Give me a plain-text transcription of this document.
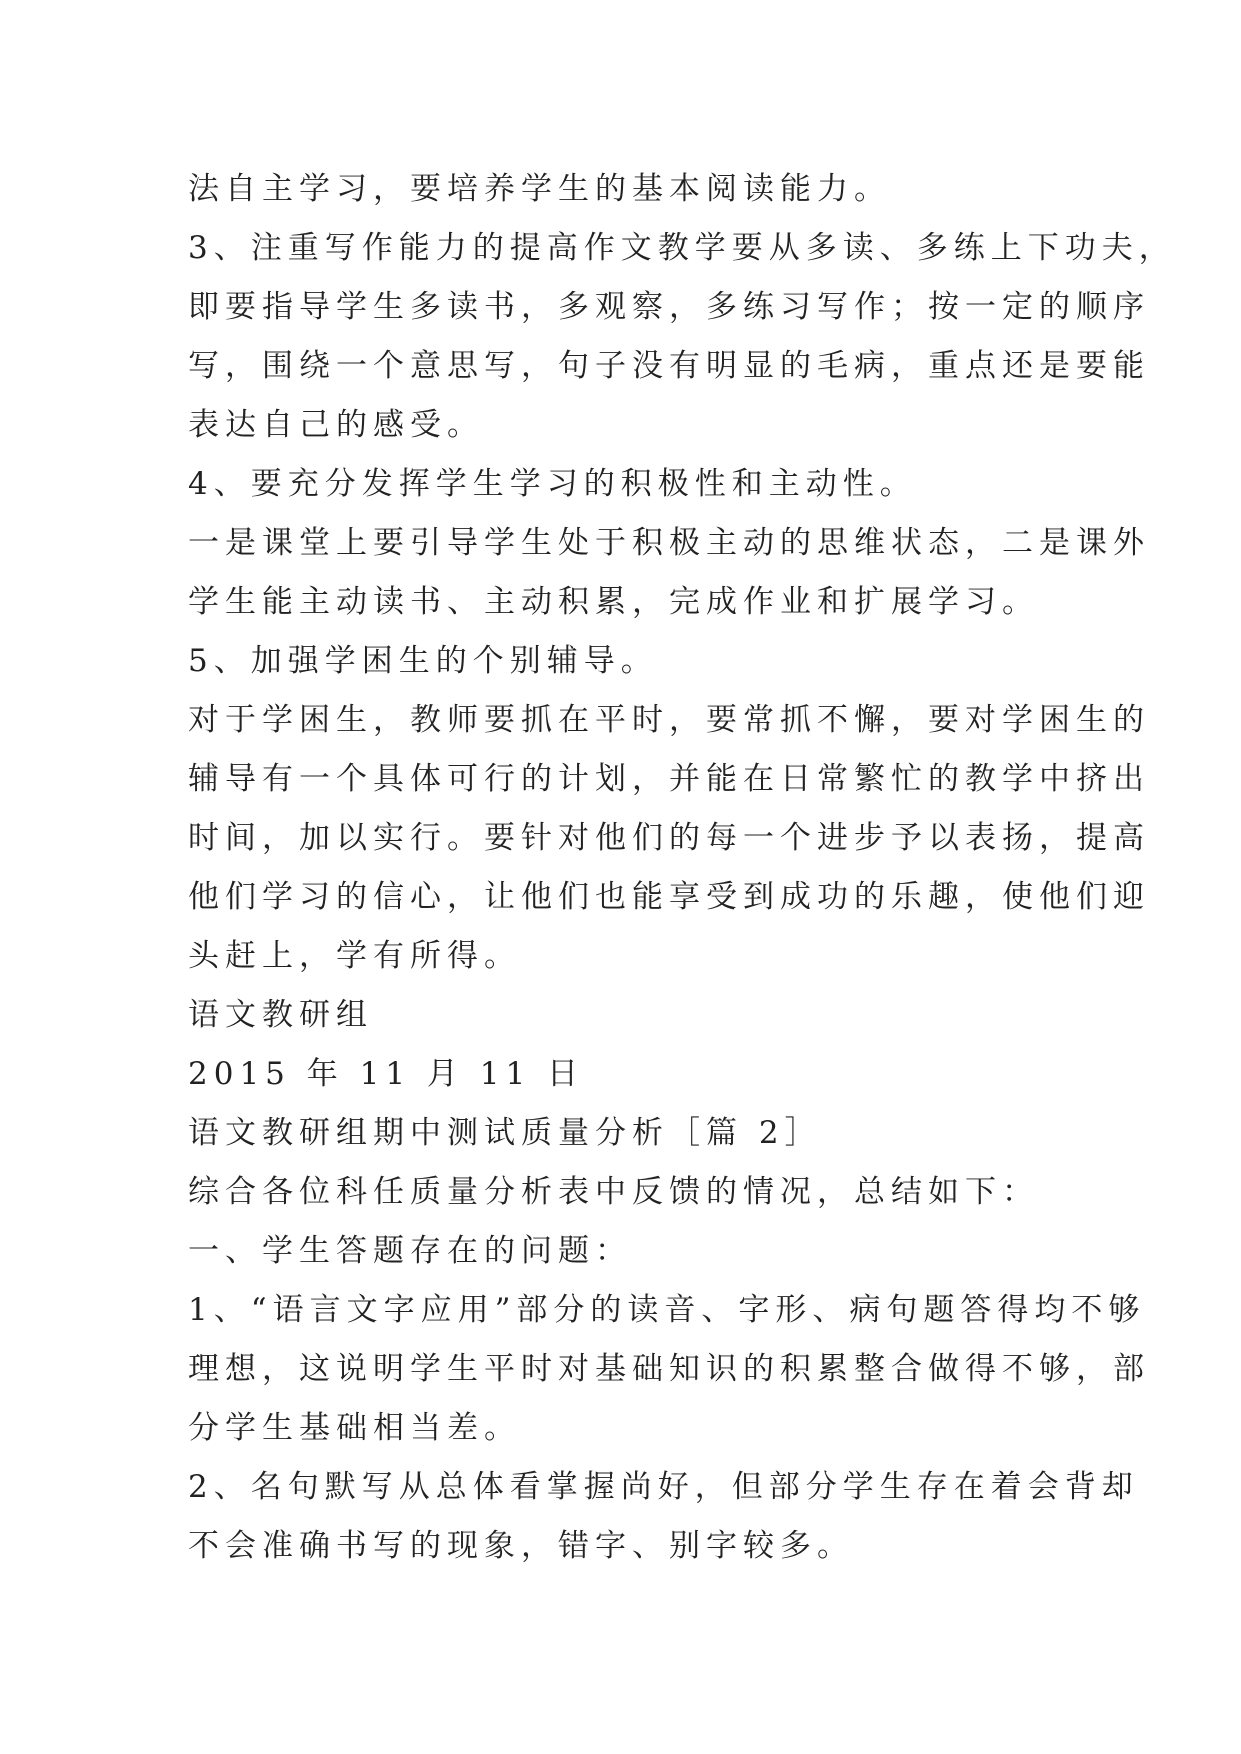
法自主学习，要培养学生的基本阅读能力。
3、注重写作能力的提高作文教学要从多读、多练上下功夫，
即要指导学生多读书，多观察，多练习写作；按一定的顺序
写，围绕一个意思写，句子没有明显的毛病，重点还是要能
表达自己的感受。
4、要充分发挥学生学习的积极性和主动性。
一是课堂上要引导学生处于积极主动的思维状态，二是课外
学生能主动读书、主动积累，完成作业和扩展学习。
5、加强学困生的个别辅导。
对于学困生，教师要抓在平时，要常抓不懈，要对学困生的
辅导有一个具体可行的计划，并能在日常繁忙的教学中挤出
时间，加以实行。要针对他们的每一个进步予以表扬，提高
他们学习的信心，让他们也能享受到成功的乐趣，使他们迎
头赶上，学有所得。
语文教研组
2015 年 11 月 11 日
语文教研组期中测试质量分析［篇 2］
综合各位科任质量分析表中反馈的情况，总结如下：
一、学生答题存在的问题：
1、“语言文字应用”部分的读音、字形、病句题答得均不够
理想，这说明学生平时对基础知识的积累整合做得不够，部
分学生基础相当差。
2、名句默写从总体看掌握尚好，但部分学生存在着会背却
不会准确书写的现象，错字、别字较多。
